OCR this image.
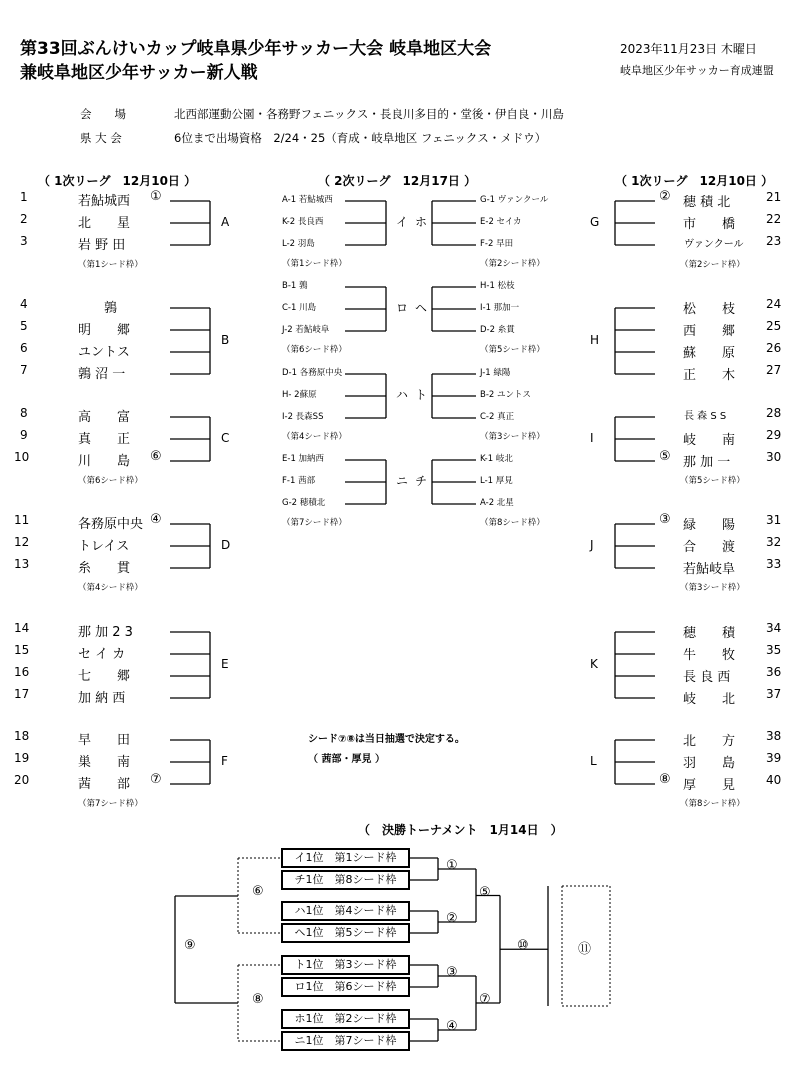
第33回ぶんけいカップ岐阜県少年サッカー大会 岐阜地区大会
兼岐阜地区少年サッカー新人戦
2023年11月23日 木曜日
岐阜地区少年サッカー育成連盟
会　　場	北西部運動公園・各務野フェニックス・長良川多目的・堂後・伊自良・川島
県 大 会	6位まで出場資格　2/24・25（育成・岐阜地区 フェニックス・メドウ）
（ 1次リーグ　12月10日 ）	（ 2次リーグ　12月17日 ）	（ 1次リーグ　12月10日 ）
1	若鮎城西	①
2	北　　星
3	岩 野 田
A
（第1シード枠）
4	　　鶉
5	明　　郷
6	ユントス
7	鶉 沼 一
B
8	高　　富
9	真　　正
10	川　　島	⑥
C
（第6シード枠）
11	各務原中央 ④
12	トレイス
13	糸　　貫
D
（第4シード枠）
14	那 加 2 3
15	セ イ カ
16	七　　郷
17	加 納 西
E
18	早　　田
19	巣　　南
20	茜　　部	⑦
F
（第7シード枠）
② 穂 積 北	21
市　　橋	22
ヴァンクール 23
G
（第2シード枠）
松　　枝	24
西　　郷	25
蘇　　原	26
正　　木	27
H
長 森 S S	28
岐　　南	29
⑤ 那 加 一	30
I
（第5シード枠）
③ 緑　　陽	31
合　　渡	32
若鮎岐阜	33
J
（第3シード枠）
穂　　積	34
牛　　牧	35
長 良 西	36
岐　　北	37
K
北　　方	38
羽　　島	39
⑧ 厚　　見	40
L
（第8シード枠）
A-1 若鮎城西
K-2 長良西
L-2 羽島
G-1 ヴァンクール
E-2 セイカ
F-2 早田
イ ホ
（第1シード枠）	（第2シード枠）
B-1 鶉
C-1 川島
J-2 若鮎岐阜
H-1 松枝
I-1 那加一
D-2 糸貫
ロ ヘ
（第6シード枠）	（第5シード枠）
D-1 各務原中央
H- 2蘇原
I-2 長森SS
J-1 緑陽
B-2 ユントス
C-2 真正
ハ ト
（第4シード枠）	（第3シード枠）
E-1 加納西
F-1 茜部
G-2 穂積北
K-1 岐北
L-1 厚見
A-2 北星
ニ チ
（第7シード枠）	（第8シード枠）
イ1位　第1シード枠
チ1位　第8シード枠
ハ1位　第4シード枠
ヘ1位　第5シード枠
ト1位　第3シード枠
ロ1位　第6シード枠
ホ1位　第2シード枠
ニ1位　第7シード枠
①
②
③
④
⑤
⑦
⑩	⑪
⑥
⑧
⑨
シード⑦⑧は当日抽選で決定する。
（ 茜部・厚見 ）
（　決勝トーナメント　1月14日　）
